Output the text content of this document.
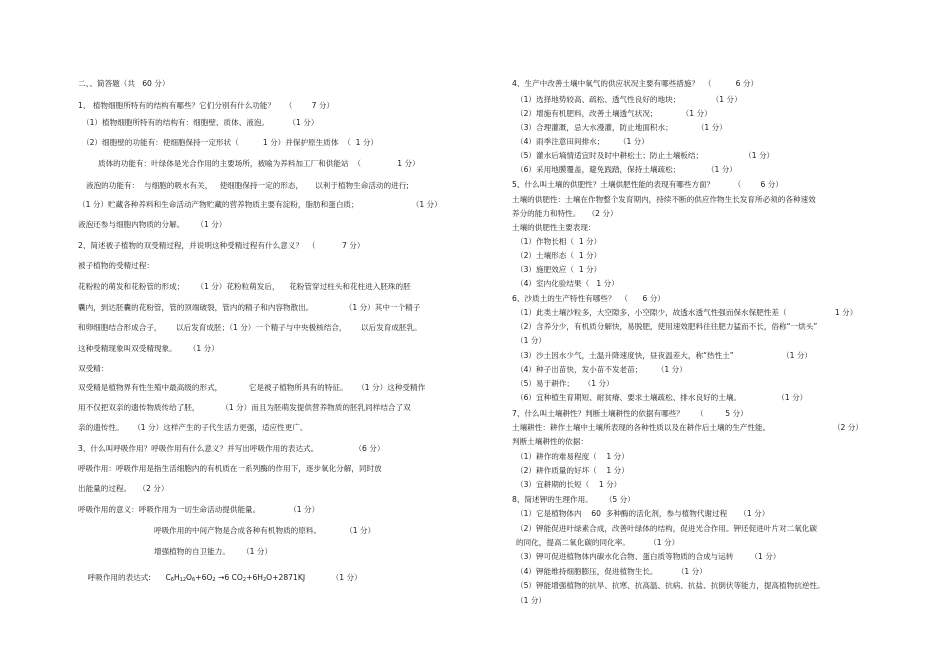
二、、简答题（共   60 分）
1、 植物细胞所特有的结构有哪些？它们分别有什么功能？    （        7 分）
（1）植物细胞所特有的结构有：细胞壁、质体、液泡。        （1 分）
（2）细胞壁的功能有：使细胞保持一定形状（          1 分）并保护原生质体  （  1 分）
质体的功能有：叶绿体是光合作用的主要场所，被喻为养料加工厂和供能站  （               1 分）
液泡的功能有：  与细胞的吸水有关，   使细胞保持一定的形态，     以利于植物生命活动的进行;
（1 分）贮藏各种养料和生命活动产物贮藏的营养物质主要有淀粉，脂肪和蛋白质；                      （1 分）
液泡还参与细胞内物质的分解。     （1 分）
2、简述被子植物的双受精过程，并说明这种受精过程有什么意义？  （           7 分）
被子植物的受精过程：
花粉粒的萌发和花粉管的形成；     （1 分）花粉粒萌发后，    花粉管穿过柱头和花柱进入胚珠的胚
囊内，到达胚囊的花粉管，管的顶端破裂，管内的精子和内容物散出。             （1 分）其中一个精子
和卵细胞结合形成合子，      以后发育成胚；（1 分）一个精子与中央极核结合，      以后发育成胚乳。
这种受精现象叫双受精现象。     （1 分）
双受精：
双受精是植物界有性生殖中最高级的形式，           它是被子植物所具有的特征。    （1 分）这种受精作
用不仅把双亲的遗传物质传给了胚，         （1 分）而且为胚萌发提供营养物质的胚乳同样结合了双
亲的遗传性。    （1 分）这样产生的子代生活力更强，适应性更广。
3、什么叫呼吸作用？呼吸作用有什么意义？并写出呼吸作用的表达式。               （6 分）
呼吸作用：呼吸作用是指生活细胞内的有机质在一系列酶的作用下，逐步氧化分解，同时放
出能量的过程。   （2 分）
呼吸作用的意义：呼吸作用为一切生命活动提供能量。            （1 分）
呼吸作用的中间产物是合成各种有机物质的原料。          （1 分）
增强植物的自卫能力。     （1 分）
4、生产中改善土壤中氧气的供应状况主要有哪些措施？  （          6 分）
（1）选择地势较高、疏松、透气性良好的地块；             （1 分）
（2）增施有机肥料，改善土壤透气状况；          （1 分）
（3）合理灌溉，忌大水漫灌，防止地面积水；          （1 分）
（4）雨季注意田间排水；      （1 分）
（5）灌水后墒情适宜时及时中耕松土；防止土壤板结；                 （1 分）
（6）采用地膜覆盖，避免践踏，保持土壤疏松；           （1 分）
5、什么叫土壤的供肥性？土壤供肥性能的表现有哪些方面？        （        6 分）
土壤的供肥性：土壤在作物整个发育期内，持续不断的供应作物生长发育所必须的各种速效
养分的能力和特性。   （2 分）
土壤的供肥性主要表现：
（1）作物长相（  1 分）
（2）土壤形态（  1 分）
（3）施肥效应（  1 分）
（4）室内化验结果（   1 分）
6、沙质土的生产特性有哪些？  （      6 分）
（1）此类土壤沙粒多，大空隙多，小空隙少，故透水透气性强而保水保肥性差（                    1 分）
（2）含养分少，有机质分解快，易脱肥，使用速效肥料往往肥力猛而不长，俗称“一烘头”
（1 分）
（3）沙土因水少气，土温升降速度快，昼夜温差大，称“热性土”                    （1 分）
（4）种子出苗快，发小苗不发老苗；      （1 分）
（5）易于耕作；    （1 分）
（6）宜种植生育期短、耐贫瘠、要求土壤疏松、排水良好的土壤。               （1 分）
7、什么叫土壤耕性？判断土壤耕性的依据有哪些？     （         5 分）
土壤耕性：耕作土壤中土壤所表现的各种性质以及在耕作后土壤的生产性能。                          （2 分）
判断土壤耕性的依据：
（1）耕作的难易程度（    1 分）
（2）耕作质量的好坏（    1 分）
（3）宜耕期的长短（    1 分）
8、简述钾的生理作用。     （5 分）
（1）它是植物体内    60  多种酶的活化剂，参与植物代谢过程     （1 分）
（2）钾能促进叶绿素合成，改善叶绿体的结构，促进光合作用。钾还促进叶片对二氧化碳
的同化，提高二氧化碳的同化率。        （1 分）
（3）钾可促进植物体内碳水化合物、蛋白质等物质的合成与运转       （1 分）
（4）钾能维持细胞膨压，促进植物生长。        （1 分）
（5）钾能增强植物的抗旱、抗寒、抗高温、抗病、抗盐、抗倒伏等能力，提高植物抗逆性。
（1 分）

呼吸作用的表达式: $C_6H_{12}O_6+6O_2 \to 6$ $CO_2+6H_2O+2871KJ$	（1 分）
